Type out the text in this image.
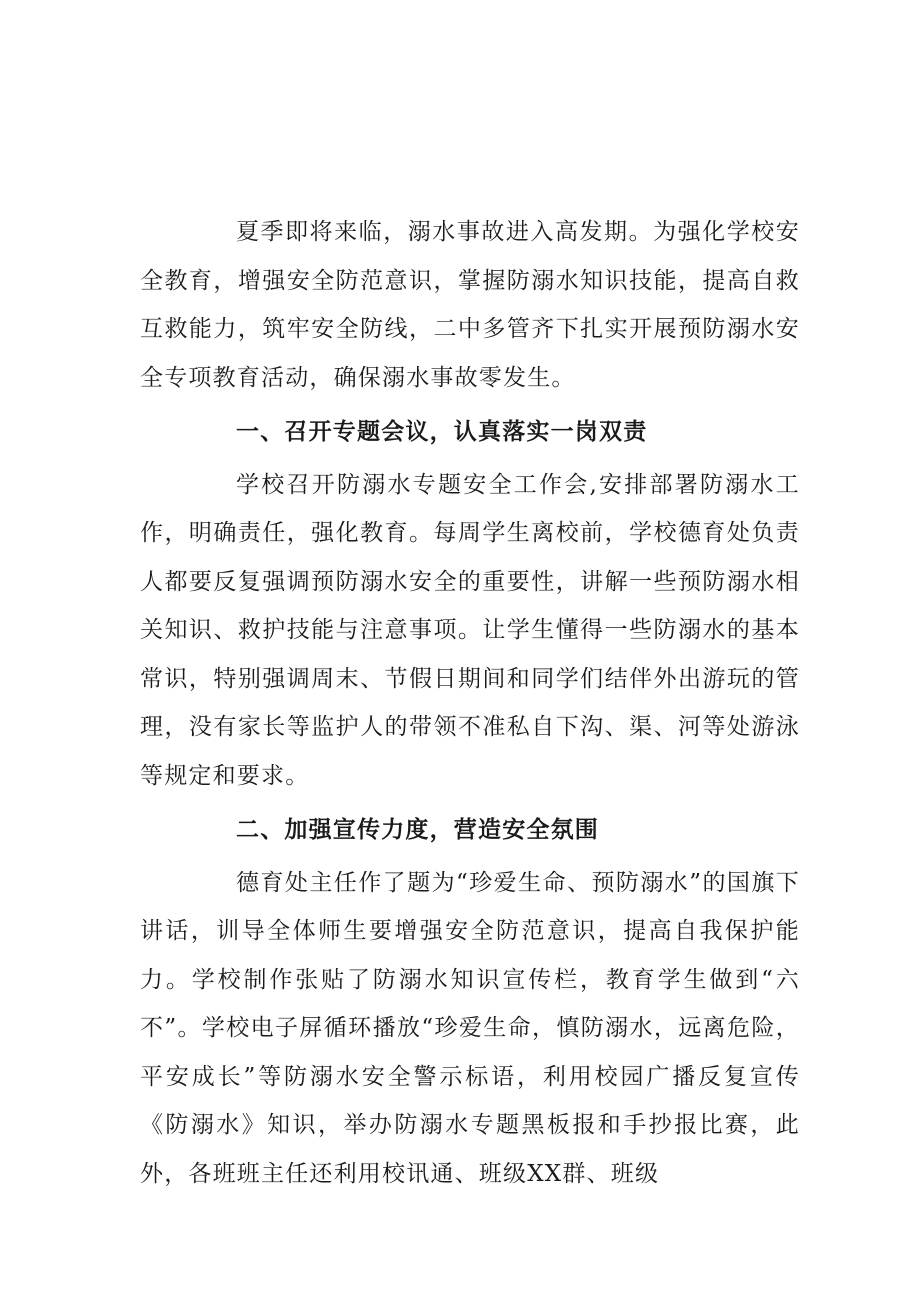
夏季即将来临，溺水事故进入高发期。为强化学校安全教育，增强安全防范意识，掌握防溺水知识技能，提高自救互救能力，筑牢安全防线，二中多管齐下扎实开展预防溺水安全专项教育活动，确保溺水事故零发生。

一、召开专题会议，认真落实一岗双责

学校召开防溺水专题安全工作会,安排部署防溺水工作，明确责任，强化教育。每周学生离校前，学校德育处负责人都要反复强调预防溺水安全的重要性，讲解一些预防溺水相关知识、救护技能与注意事项。让学生懂得一些防溺水的基本常识，特别强调周末、节假日期间和同学们结伴外出游玩的管理，没有家长等监护人的带领不准私自下沟、渠、河等处游泳等规定和要求。

二、加强宣传力度，营造安全氛围

德育处主任作了题为“珍爱生命、预防溺水”的国旗下讲话，训导全体师生要增强安全防范意识，提高自我保护能力。学校制作张贴了防溺水知识宣传栏，教育学生做到“六不”。学校电子屏循环播放“珍爱生命，慎防溺水，远离危险，平安成长”等防溺水安全警示标语，利用校园广播反复宣传《防溺水》知识，举办防溺水专题黑板报和手抄报比赛，此外，各班班主任还利用校讯通、班级XX群、班级
